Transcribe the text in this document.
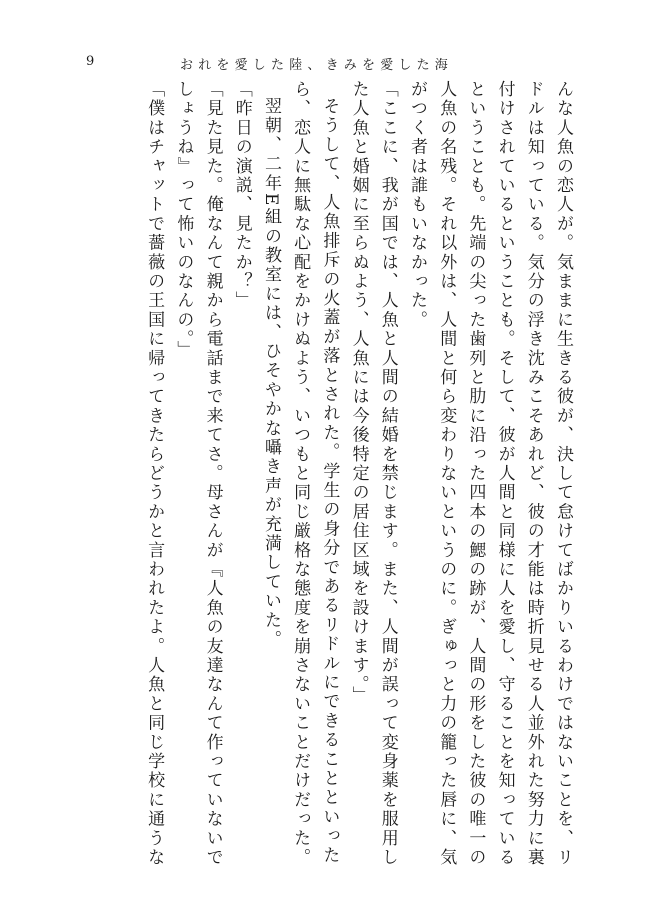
9	おれを愛した陸、きみを愛した海

んな人魚の恋人が。気ままに生きる彼が、決して怠けてばかりいるわけではないことを、リ
ドルは知っている。気分の浮き沈みこそあれど、彼の才能は時折見せる人並外れた努力に裏
付けされているということも。そして、彼が人間と同様に人を愛し、守ることを知っている
ということも。先端の尖った歯列と肋に沿った四本の鰓の跡が、人間の形をした彼の唯一の
人魚の名残。それ以外は、人間と何ら変わりないというのに。ぎゅっと力の籠った唇に、気
がつく者は誰もいなかった。

「ここに、我が国では、人魚と人間の結婚を禁じます。また、人間が誤って変身薬を服用し
た人魚と婚姻に至らぬよう、人魚には今後特定の居住区域を設けます。」

そうして、人魚排斥の火蓋が落とされた。学生の身分であるリドルにできることといった
ら、恋人に無駄な心配をかけぬよう、いつもと同じ厳格な態度を崩さないことだけだった。

翌朝、二年E組の教室には、ひそやかな囁き声が充満していた。

「昨日の演説、見たか？」

「見た見た。俺なんて親から電話まで来てさ。母さんが『人魚の友達なんて作っていないで
しょうね』って怖いのなんの。」

「僕はチャットで薔薇の王国に帰ってきたらどうかと言われたよ。人魚と同じ学校に通うな
